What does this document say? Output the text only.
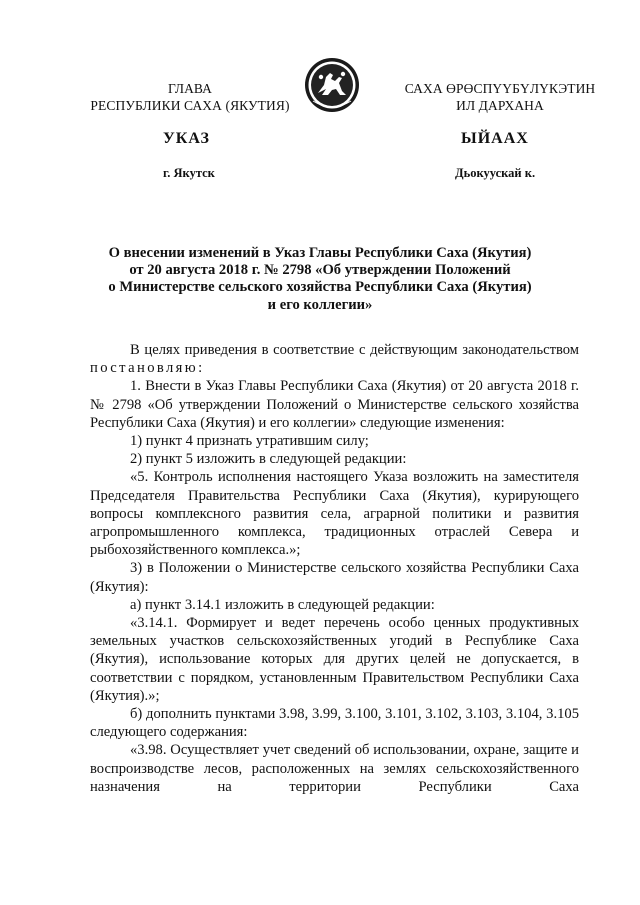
ГЛАВА
РЕСПУБЛИКИ САХА (ЯКУТИЯ)
САХА ӨРӨСПҮҮБҮЛҮКЭТИН
ИЛ ДАРХАНА
УКАЗ	ЫЙААХ
г. Якутск	Дьокуускай к.
О внесении изменений в Указ Главы Республики Саха (Якутия)
от 20 августа 2018 г. № 2798 «Об утверждении Положений
о Министерстве сельского хозяйства Республики Саха (Якутия)
и его коллегии»

В целях приведения в соответствие с действующим законодательством постановляю:

1. Внести в Указ Главы Республики Саха (Якутия) от 20 августа 2018 г. № 2798 «Об утверждении Положений о Министерстве сельского хозяйства Республики Саха (Якутия) и его коллегии» следующие изменения:

1) пункт 4 признать утратившим силу;

2) пункт 5 изложить в следующей редакции:

«5. Контроль исполнения настоящего Указа возложить на заместителя Председателя Правительства Республики Саха (Якутия), курирующего вопросы комплексного развития села, аграрной политики и развития агропромышленного комплекса, традиционных отраслей Севера и рыбохозяйственного комплекса.»;

3) в Положении о Министерстве сельского хозяйства Республики Саха (Якутия):

а) пункт 3.14.1 изложить в следующей редакции:

«3.14.1. Формирует и ведет перечень особо ценных продуктивных земельных участков сельскохозяйственных угодий в Республике Саха (Якутия), использование которых для других целей не допускается, в соответствии с порядком, установленным Правительством Республики Саха (Якутия).»;

б) дополнить пунктами 3.98, 3.99, 3.100, 3.101, 3.102, 3.103, 3.104, 3.105 следующего содержания:

«3.98. Осуществляет учет сведений об использовании, охране, защите и воспроизводстве лесов, расположенных на землях сельскохозяйственного назначения на территории Республики Саха
